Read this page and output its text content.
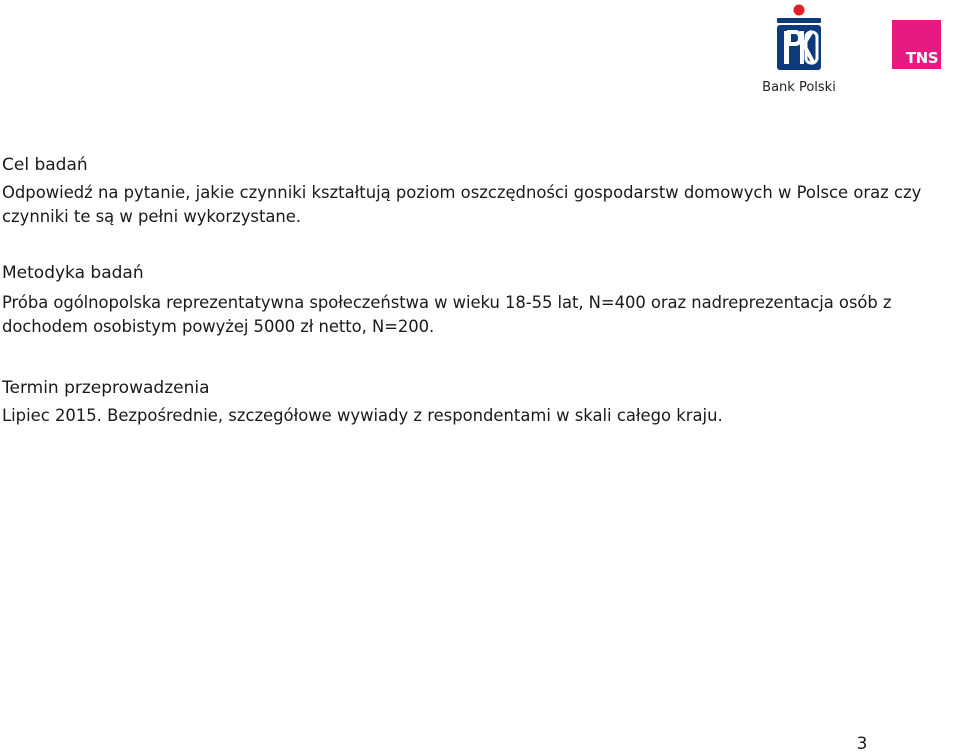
Bank Polski
TNS
Cel badań
Odpowiedź na pytanie, jakie czynniki kształtują poziom oszczędności gospodarstw domowych w Polsce oraz czy czynniki te są w pełni wykorzystane.
Metodyka badań
Próba ogólnopolska reprezentatywna społeczeństwa w wieku 18-55 lat, N=400 oraz nadreprezentacja osób z dochodem osobistym powyżej 5000 zł netto, N=200.
Termin przeprowadzenia
Lipiec 2015. Bezpośrednie, szczegółowe wywiady z respondentami w skali całego kraju.
3
